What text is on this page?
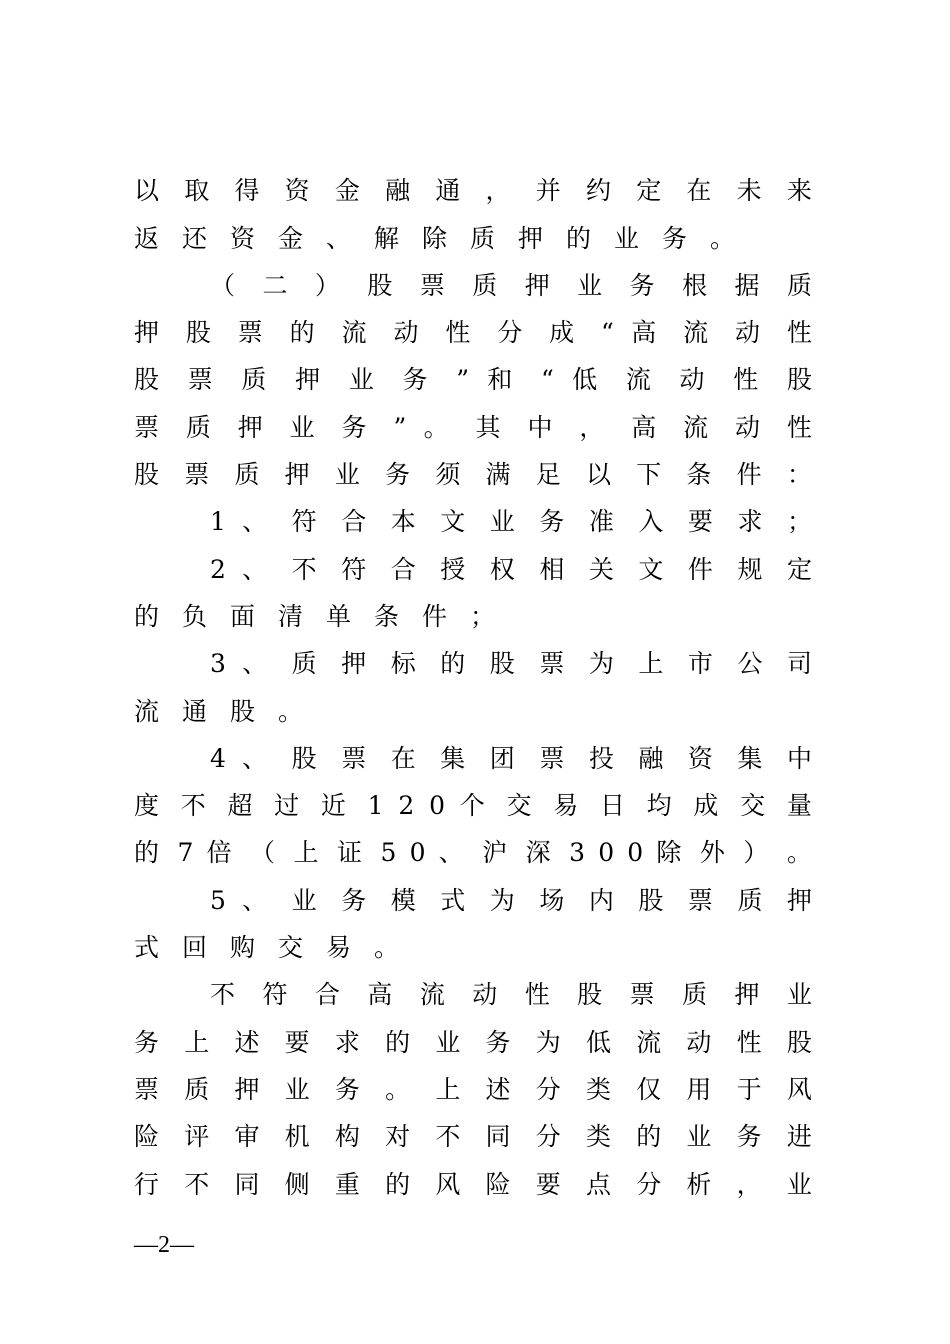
以 取 得 资 金 融 通 ， 并 约 定 在 未 来
返还资金、解除质押的业务。
（ 二 ） 股 票 质 押 业 务 根 据 质
押 股 票 的 流 动 性 分 成 “ 高 流 动 性
股 票 质 押 业 务 ” 和 “ 低 流 动 性 股
票 质 押 业 务 ” 。 其 中 ， 高 流 动 性
股 票 质 押 业 务 须 满 足 以 下 条 件 ：
1 、 符 合 本 文 业 务 准 入 要 求 ；
2 、 不 符 合 授 权 相 关 文 件 规 定
的负面清单条件；
3 、 质 押 标 的 股 票 为 上 市 公 司
流通股。
4 、 股 票 在 集 团 票 投 融 资 集 中
度 不 超 过 近 1 2 0 个 交 易 日 均 成 交 量
的 7 倍 （ 上 证 5 0 、 沪 深 3 0 0 除 外 ） 。
5 、 业 务 模 式 为 场 内 股 票 质 押
式回购交易。
不 符 合 高 流 动 性 股 票 质 押 业
务 上 述 要 求 的 业 务 为 低 流 动 性 股
票 质 押 业 务 。 上 述 分 类 仅 用 于 风
险 评 审 机 构 对 不 同 分 类 的 业 务 进
行 不 同 侧 重 的 风 险 要 点 分 析 ， 业
—2—
